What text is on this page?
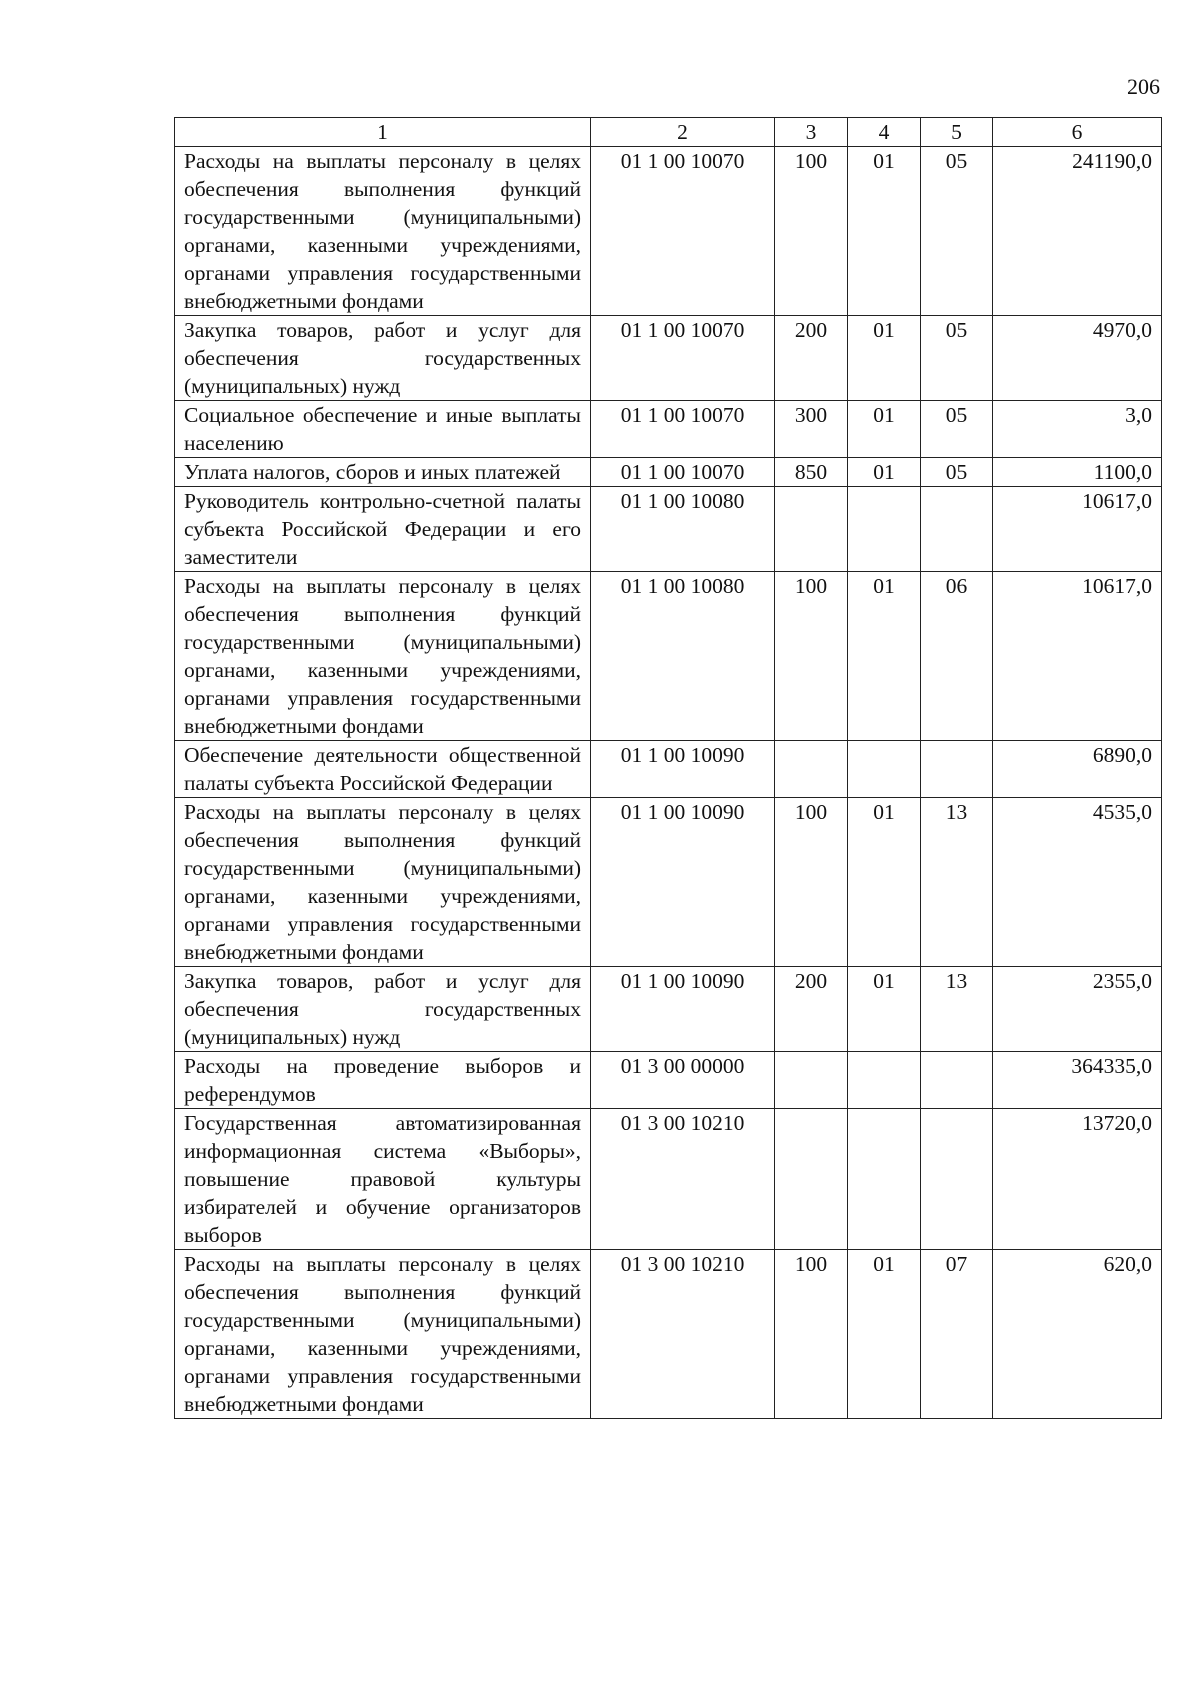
206
1	2	3	4	5	6
Расходы на выплаты персоналу в целях обеспечения выполнения функций государственными (муниципальными) органами, казенными учреждениями, органами управления государственными внебюджетными фондами	01 1 00 10070	100	01	05	241190,0
Закупка товаров, работ и услуг для обеспечения государственных (муниципальных) нужд	01 1 00 10070	200	01	05	4970,0
Социальное обеспечение и иные выплаты населению	01 1 00 10070	300	01	05	3,0
Уплата налогов, сборов и иных платежей	01 1 00 10070	850	01	05	1100,0
Руководитель контрольно-счетной палаты субъекта Российской Федерации и его заместители	01 1 00 10080				10617,0
Расходы на выплаты персоналу в целях обеспечения выполнения функций государственными (муниципальными) органами, казенными учреждениями, органами управления государственными внебюджетными фондами	01 1 00 10080	100	01	06	10617,0
Обеспечение деятельности общественной палаты субъекта Российской Федерации	01 1 00 10090				6890,0
Расходы на выплаты персоналу в целях обеспечения выполнения функций государственными (муниципальными) органами, казенными учреждениями, органами управления государственными внебюджетными фондами	01 1 00 10090	100	01	13	4535,0
Закупка товаров, работ и услуг для обеспечения государственных (муниципальных) нужд	01 1 00 10090	200	01	13	2355,0
Расходы на проведение выборов и референдумов	01 3 00 00000				364335,0
Государственная автоматизированная информационная система «Выборы», повышение правовой культуры избирателей и обучение организаторов выборов	01 3 00 10210				13720,0
Расходы на выплаты персоналу в целях обеспечения выполнения функций государственными (муниципальными) органами, казенными учреждениями, органами управления государственными внебюджетными фондами	01 3 00 10210	100	01	07	620,0
